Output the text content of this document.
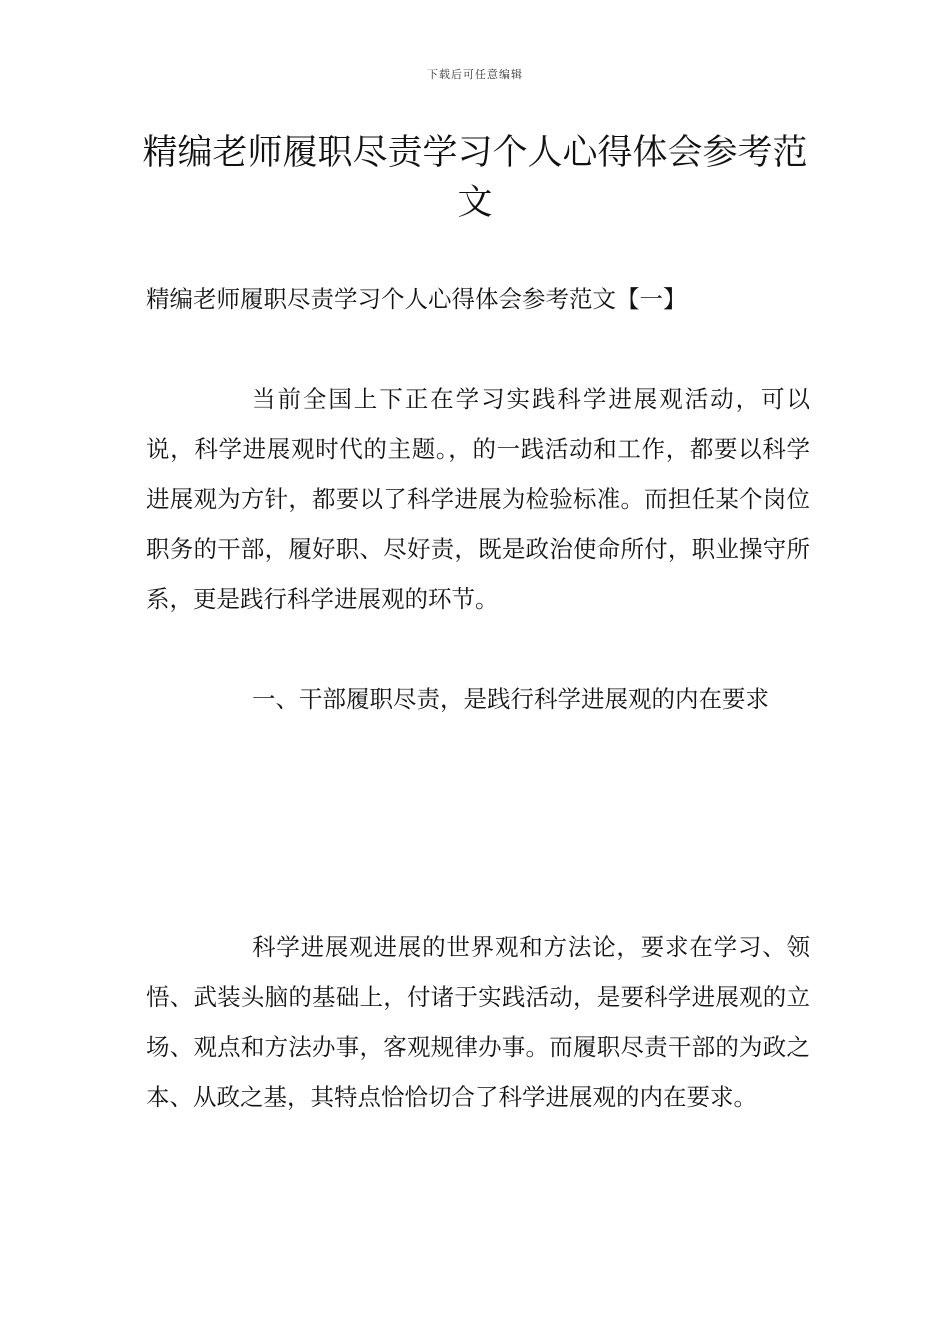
下载后可任意编辑
精编老师履职尽责学习个人心得体会参考范文
精编老师履职尽责学习个人心得体会参考范文【一】
当前全国上下正在学习实践科学进展观活动，可以说，科学进展观时代的主题。，的一践活动和工作，都要以科学进展观为方针，都要以了科学进展为检验标准。而担任某个岗位职务的干部，履好职、尽好责，既是政治使命所付，职业操守所系，更是践行科学进展观的环节。
一、干部履职尽责，是践行科学进展观的内在要求
科学进展观进展的世界观和方法论，要求在学习、领悟、武装头脑的基础上，付诸于实践活动，是要科学进展观的立场、观点和方法办事，客观规律办事。而履职尽责干部的为政之本、从政之基，其特点恰恰切合了科学进展观的内在要求。
